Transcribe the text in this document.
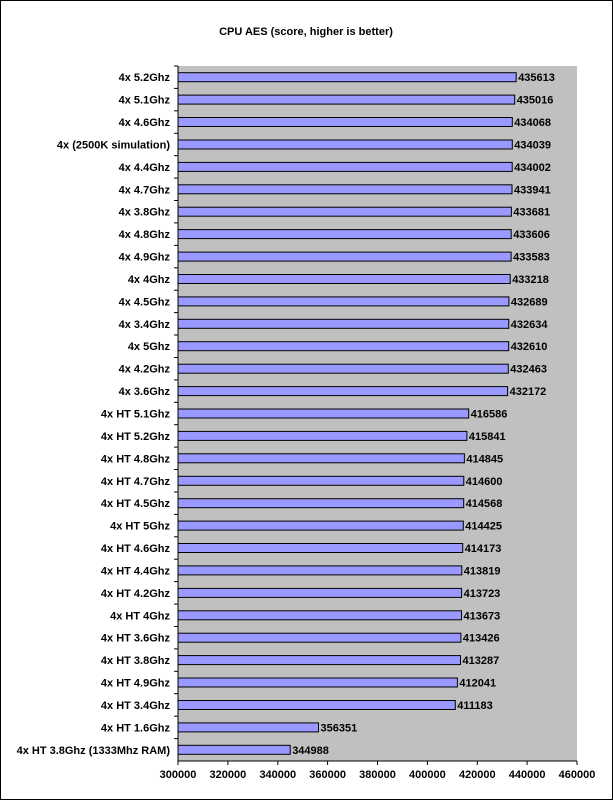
CPU AES (score, higher is better)
435613
435016
434068
434039
434002
433941
433681
433606
433583
433218
432689
432634
432610
432463
432172
416586
415841
414845
414600
414568
414425
414173
413819
413723
413673
413426
413287
412041
411183
356351
344988
4x 5.2Ghz
4x 5.1Ghz
4x 4.6Ghz
4x (2500K simulation)
4x 4.4Ghz
4x 4.7Ghz
4x 3.8Ghz
4x 4.8Ghz
4x 4.9Ghz
4x 4Ghz
4x 4.5Ghz
4x 3.4Ghz
4x 5Ghz
4x 4.2Ghz
4x 3.6Ghz
4x HT 5.1Ghz
4x HT 5.2Ghz
4x HT 4.8Ghz
4x HT 4.7Ghz
4x HT 4.5Ghz
4x HT 5Ghz
4x HT 4.6Ghz
4x HT 4.4Ghz
4x HT 4.2Ghz
4x HT 4Ghz
4x HT 3.6Ghz
4x HT 3.8Ghz
4x HT 4.9Ghz
4x HT 3.4Ghz
4x HT 1.6Ghz
4x HT 3.8Ghz (1333Mhz RAM)
300000 320000 340000 360000 380000 400000 420000 440000 460000
